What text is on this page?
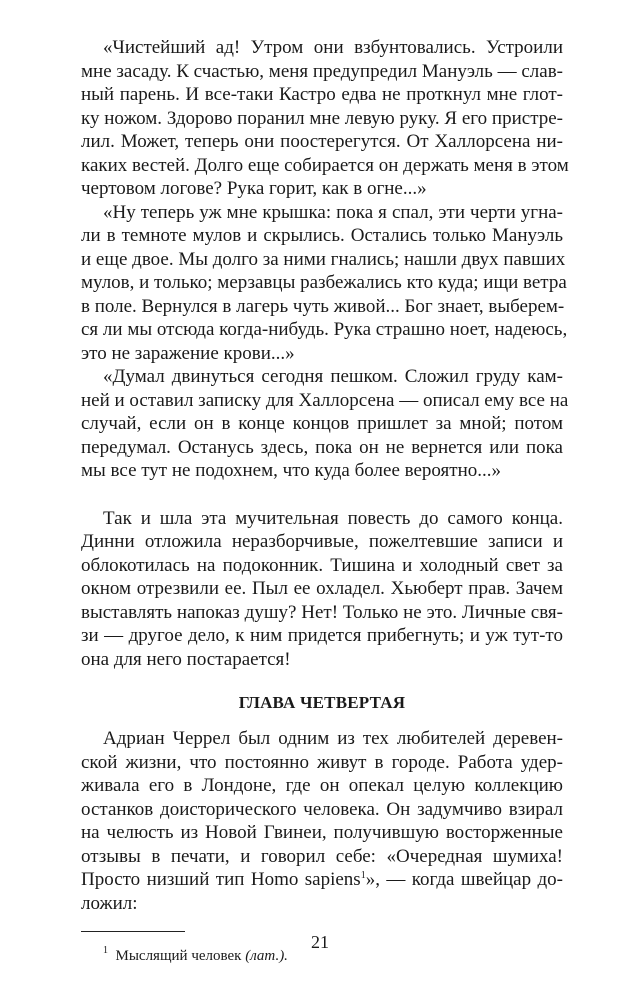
«Чистейший ад! Утром они взбунтовались. Устроили
мне засаду. К счастью, меня предупредил Мануэль — слав-
ный парень. И все-таки Кастро едва не проткнул мне глот-
ку ножом. Здорово поранил мне левую руку. Я его пристре-
лил. Может, теперь они поостерегутся. От Халлорсена ни-
каких вестей. Долго еще собирается он держать меня в этом
чертовом логове? Рука горит, как в огне...»
«Ну теперь уж мне крышка: пока я спал, эти черти угна-
ли в темноте мулов и скрылись. Остались только Мануэль
и еще двое. Мы долго за ними гнались; нашли двух павших
мулов, и только; мерзавцы разбежались кто куда; ищи ветра
в поле. Вернулся в лагерь чуть живой... Бог знает, выберем-
ся ли мы отсюда когда-нибудь. Рука страшно ноет, надеюсь,
это не заражение крови...»
«Думал двинуться сегодня пешком. Сложил груду кам-
ней и оставил записку для Халлорсена — описал ему все на
случай, если он в конце концов пришлет за мной; потом
передумал. Останусь здесь, пока он не вернется или пока
мы все тут не подохнем, что куда более вероятно...»
Так и шла эта мучительная повесть до самого конца.
Динни отложила неразборчивые, пожелтевшие записи и
облокотилась на подоконник. Тишина и холодный свет за
окном отрезвили ее. Пыл ее охладел. Хьюберт прав. Зачем
выставлять напоказ душу? Нет! Только не это. Личные свя-
зи — другое дело, к ним придется прибегнуть; и уж тут-то
она для него постарается!
ГЛАВА ЧЕТВЕРТАЯ
Адриан Черрел был одним из тех любителей деревен-
ской жизни, что постоянно живут в городе. Работа удер-
живала его в Лондоне, где он опекал целую коллекцию
останков доисторического человека. Он задумчиво взирал
на челюсть из Новой Гвинеи, получившую восторженные
отзывы в печати, и говорил себе: «Очередная шумиха!
Просто низший тип Homo sapiens$^1$», — когда швейцар до-
ложил:
$^1$ Мыслящий человек (лат.).
21
